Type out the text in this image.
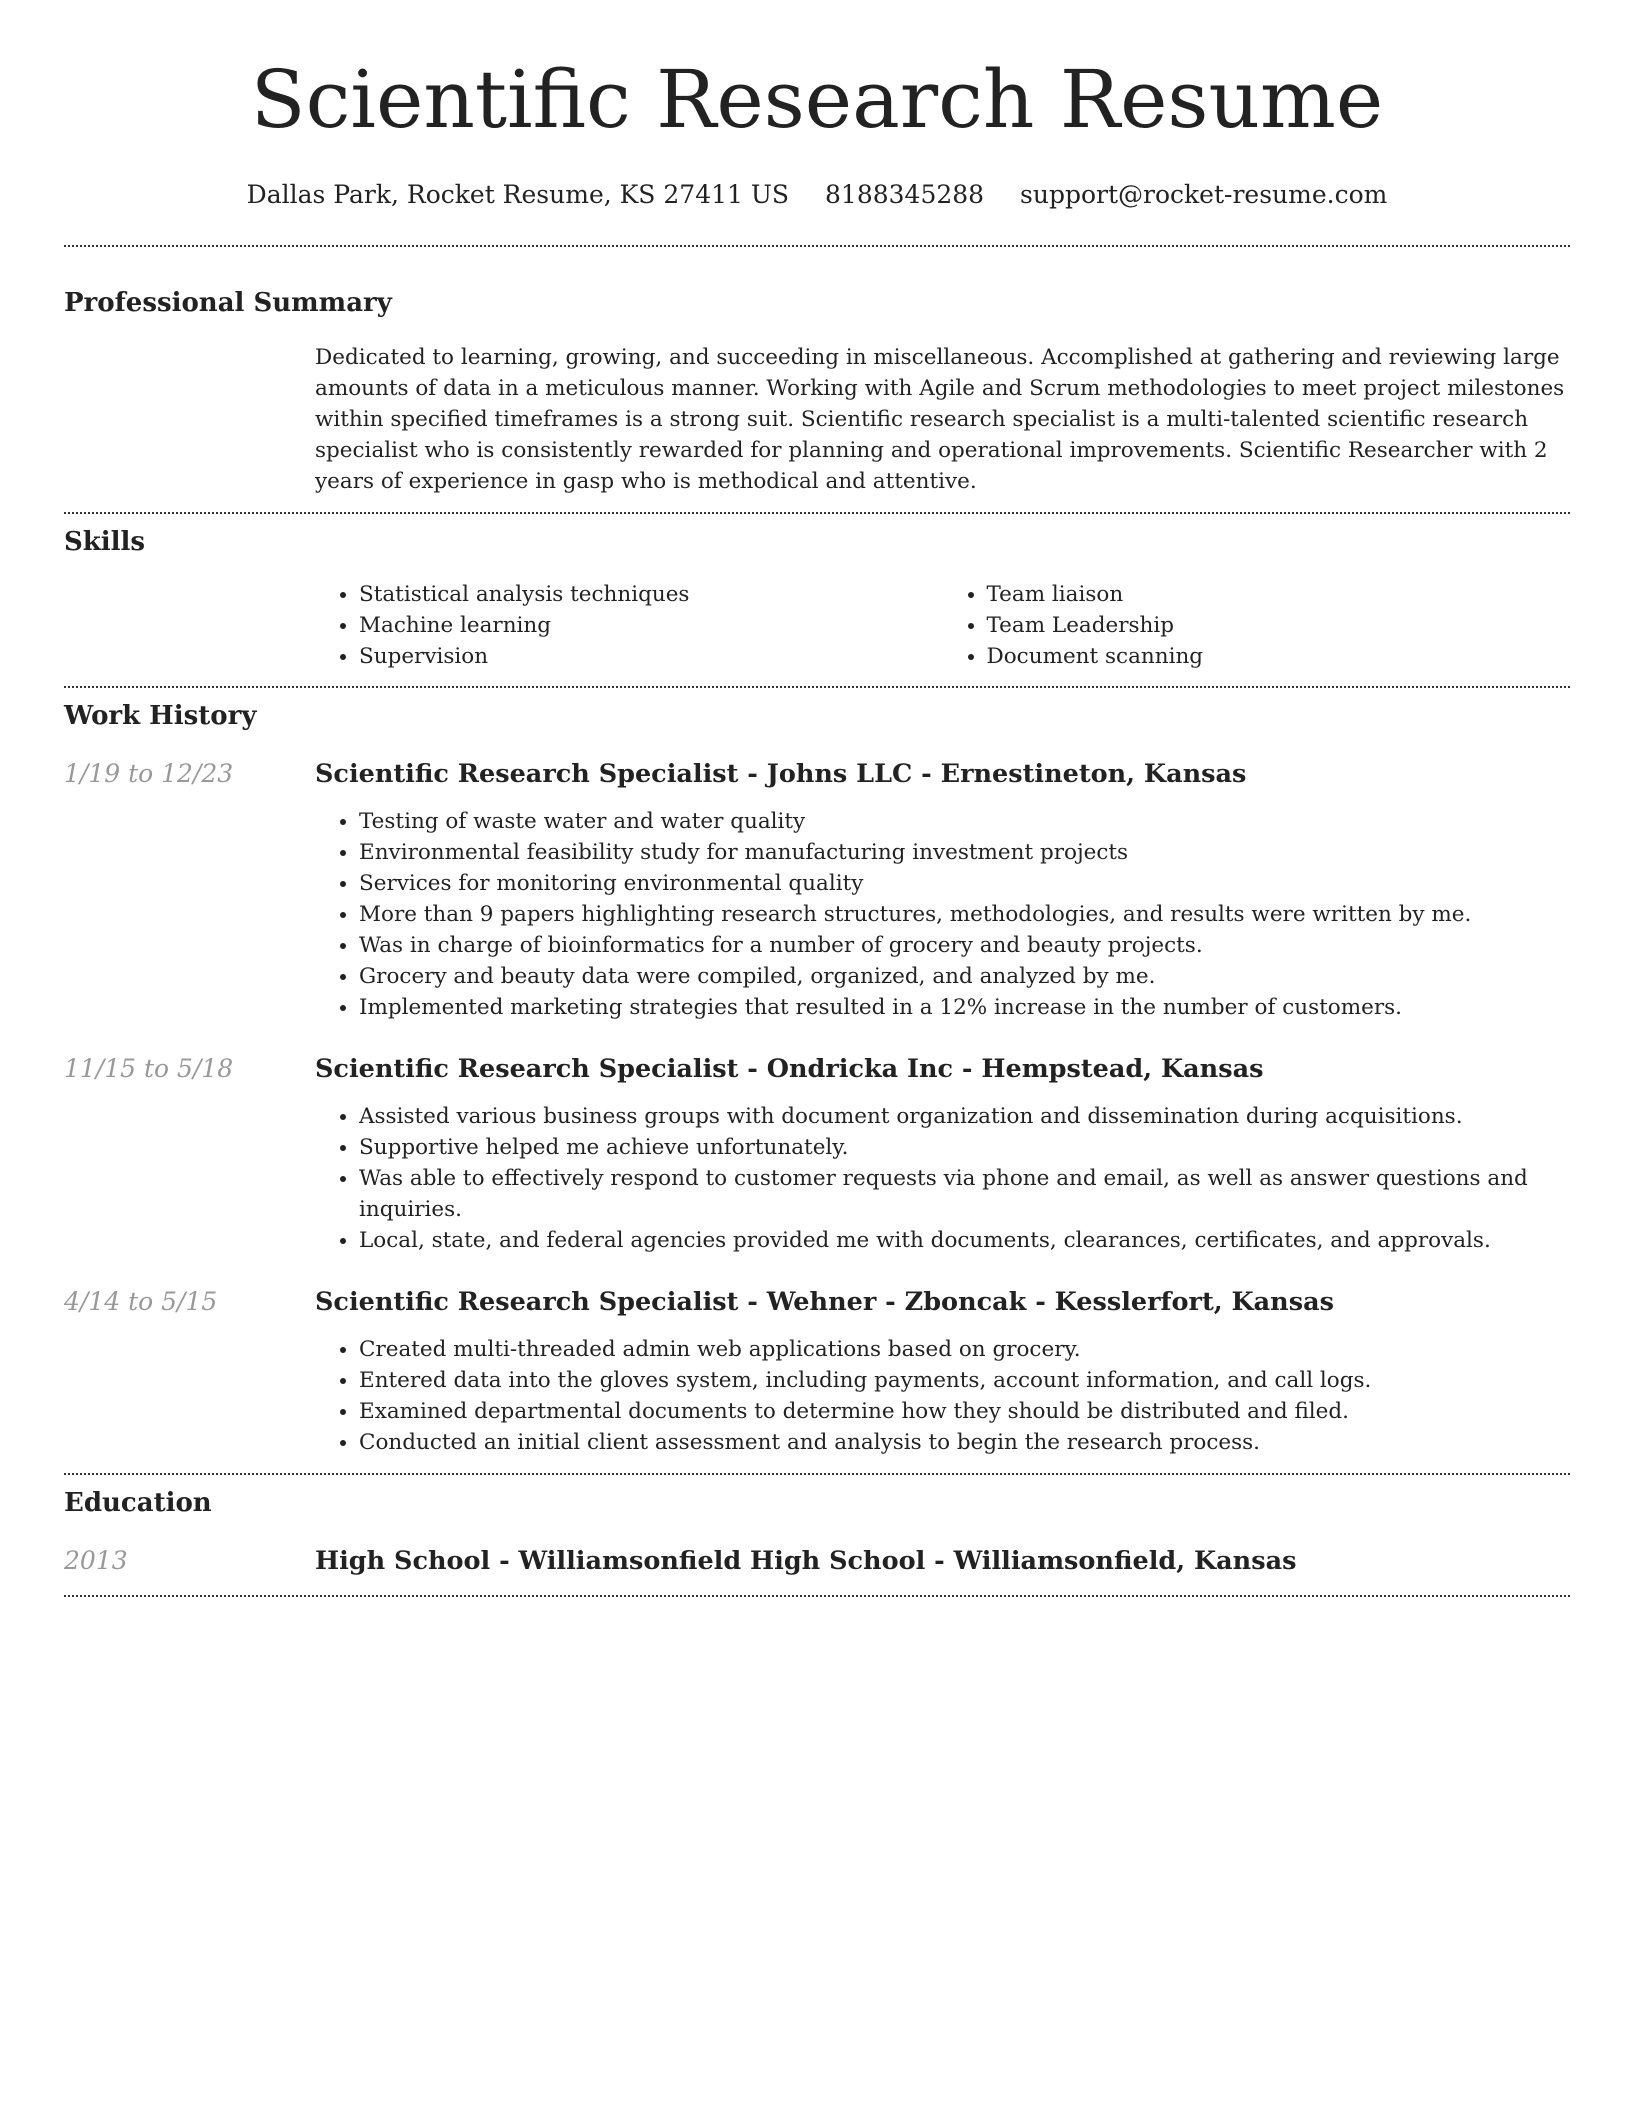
Scientific Research Resume
Dallas Park, Rocket Resume, KS 27411 US 8188345288 support@rocket-resume.com
Professional Summary

Dedicated to learning, growing, and succeeding in miscellaneous. Accomplished at gathering and reviewing large amounts of data in a meticulous manner. Working with Agile and Scrum methodologies to meet project milestones within specified timeframes is a strong suit. Scientific research specialist is a multi-talented scientific research specialist who is consistently rewarded for planning and operational improvements. Scientific Researcher with 2 years of experience in gasp who is methodical and attentive.

Skills
• Statistical analysis techniques
• Machine learning
• Supervision
• Team liaison
• Team Leadership
• Document scanning
Work History
1/19 to 12/23	Scientific Research Specialist - Johns LLC - Ernestineton, Kansas
• Testing of waste water and water quality
• Environmental feasibility study for manufacturing investment projects
• Services for monitoring environmental quality
• More than 9 papers highlighting research structures, methodologies, and results were written by me.
• Was in charge of bioinformatics for a number of grocery and beauty projects.
• Grocery and beauty data were compiled, organized, and analyzed by me.
• Implemented marketing strategies that resulted in a 12% increase in the number of customers.
11/15 to 5/18	Scientific Research Specialist - Ondricka Inc - Hempstead, Kansas
• Assisted various business groups with document organization and dissemination during acquisitions.
• Supportive helped me achieve unfortunately.
• Was able to effectively respond to customer requests via phone and email, as well as answer questions and inquiries.
• Local, state, and federal agencies provided me with documents, clearances, certificates, and approvals.
4/14 to 5/15	Scientific Research Specialist - Wehner - Zboncak - Kesslerfort, Kansas
• Created multi-threaded admin web applications based on grocery.
• Entered data into the gloves system, including payments, account information, and call logs.
• Examined departmental documents to determine how they should be distributed and filed.
• Conducted an initial client assessment and analysis to begin the research process.
Education
2013	High School - Williamsonfield High School - Williamsonfield, Kansas
